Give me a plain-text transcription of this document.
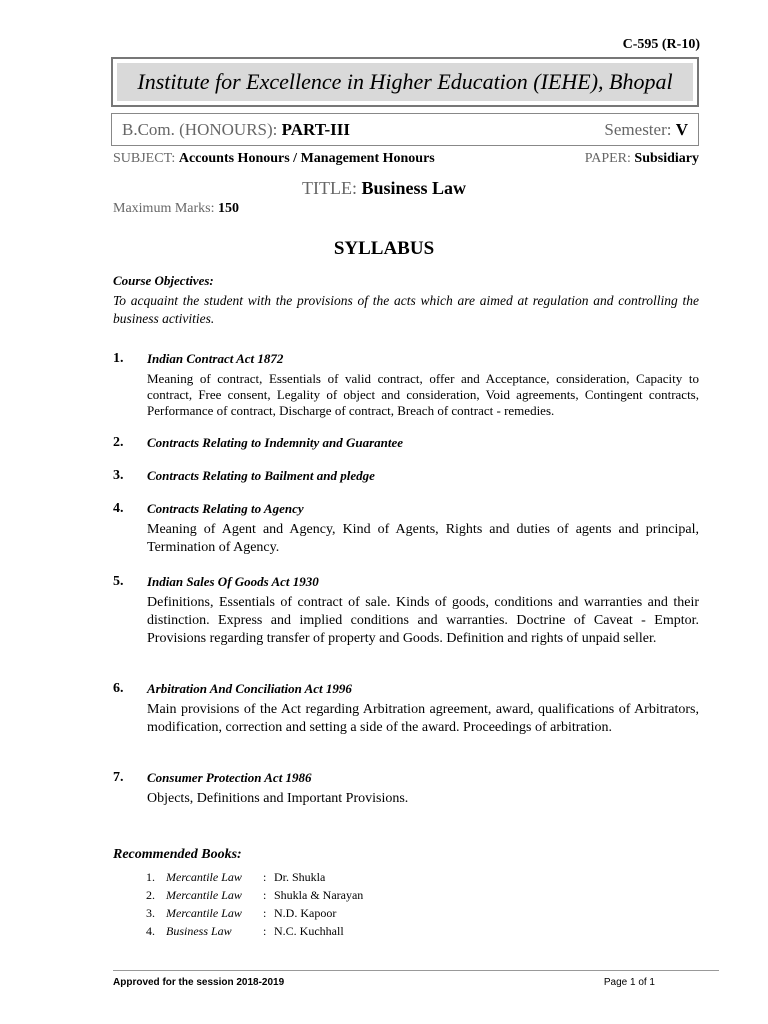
C-595 (R-10)
Institute for Excellence in Higher Education (IEHE), Bhopal
B.Com. (HONOURS): PART-III	Semester: V
SUBJECT: Accounts Honours / Management Honours	PAPER: Subsidiary
TITLE: Business Law
Maximum Marks: 150
SYLLABUS
Course Objectives:
To acquaint the student with the provisions of the acts which are aimed at regulation and controlling the business activities.
1. Indian Contract Act 1872
Meaning of contract, Essentials of valid contract, offer and Acceptance, consideration, Capacity to contract, Free consent, Legality of object and consideration, Void agreements, Contingent contracts, Performance of contract, Discharge of contract, Breach of contract - remedies.
2. Contracts Relating to Indemnity and Guarantee
3. Contracts Relating to Bailment and pledge
4. Contracts Relating to Agency
Meaning of Agent and Agency, Kind of Agents, Rights and duties of agents and principal, Termination of Agency.
5. Indian Sales Of Goods Act 1930
Definitions, Essentials of contract of sale. Kinds of goods, conditions and warranties and their distinction. Express and implied conditions and warranties. Doctrine of Caveat - Emptor. Provisions regarding transfer of property and Goods. Definition and rights of unpaid seller.
6. Arbitration And Conciliation Act 1996
Main provisions of the Act regarding Arbitration agreement, award, qualifications of Arbitrators, modification, correction and setting a side of the award. Proceedings of arbitration.
7. Consumer Protection Act 1986
Objects, Definitions and Important Provisions.
Recommended Books:
1. Mercantile Law	: Dr. Shukla
2. Mercantile Law	: Shukla & Narayan
3. Mercantile Law	: N.D. Kapoor
4. Business Law	: N.C. Kuchhall
Approved for the session 2018-2019	Page 1 of 1
